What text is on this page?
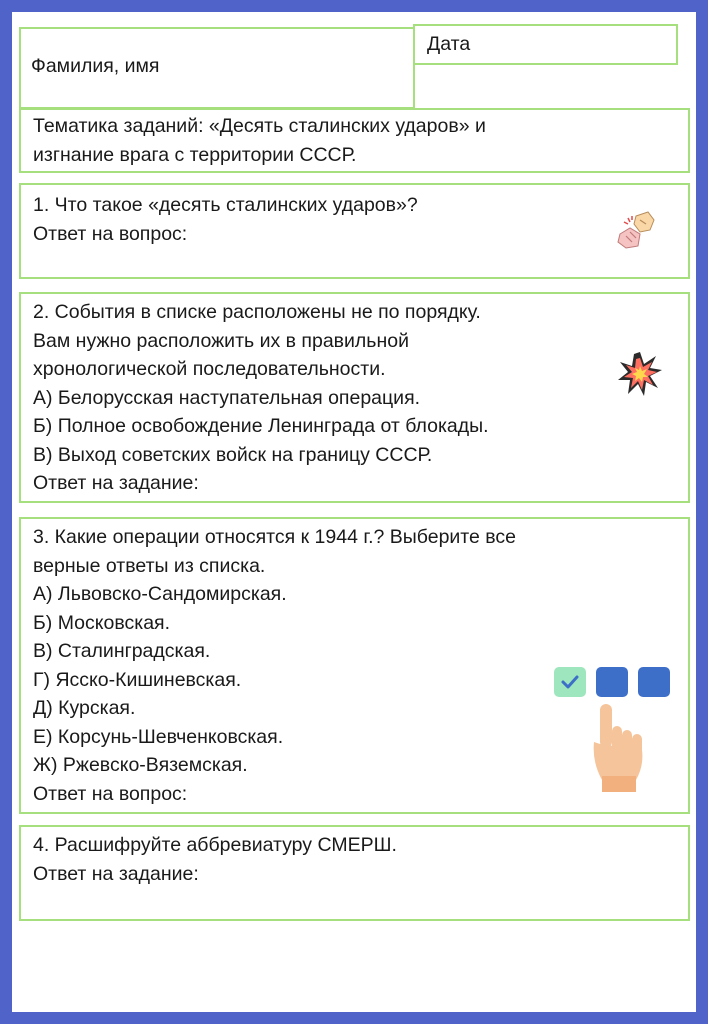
Фамилия, имя
Дата
Тематика заданий: «Десять сталинских ударов» и
изгнание врага с территории СССР.
1. Что такое «десять сталинских ударов»?
Ответ на вопрос:
2. События в списке расположены не по порядку.
Вам нужно расположить их в правильной
хронологической последовательности.
А) Белорусская наступательная операция.
Б) Полное освобождение Ленинграда от блокады.
В) Выход советских войск на границу СССР.
Ответ на задание:
3. Какие операции относятся к 1944 г.? Выберите все
верные ответы из списка.
А) Львовско-Сандомирская.
Б) Московская.
В) Сталинградская.
Г) Ясско-Кишиневская.
Д) Курская.
Е) Корсунь-Шевченковская.
Ж) Ржевско-Вяземская.
Ответ на вопрос:
4. Расшифруйте аббревиатуру СМЕРШ.
Ответ на задание:
